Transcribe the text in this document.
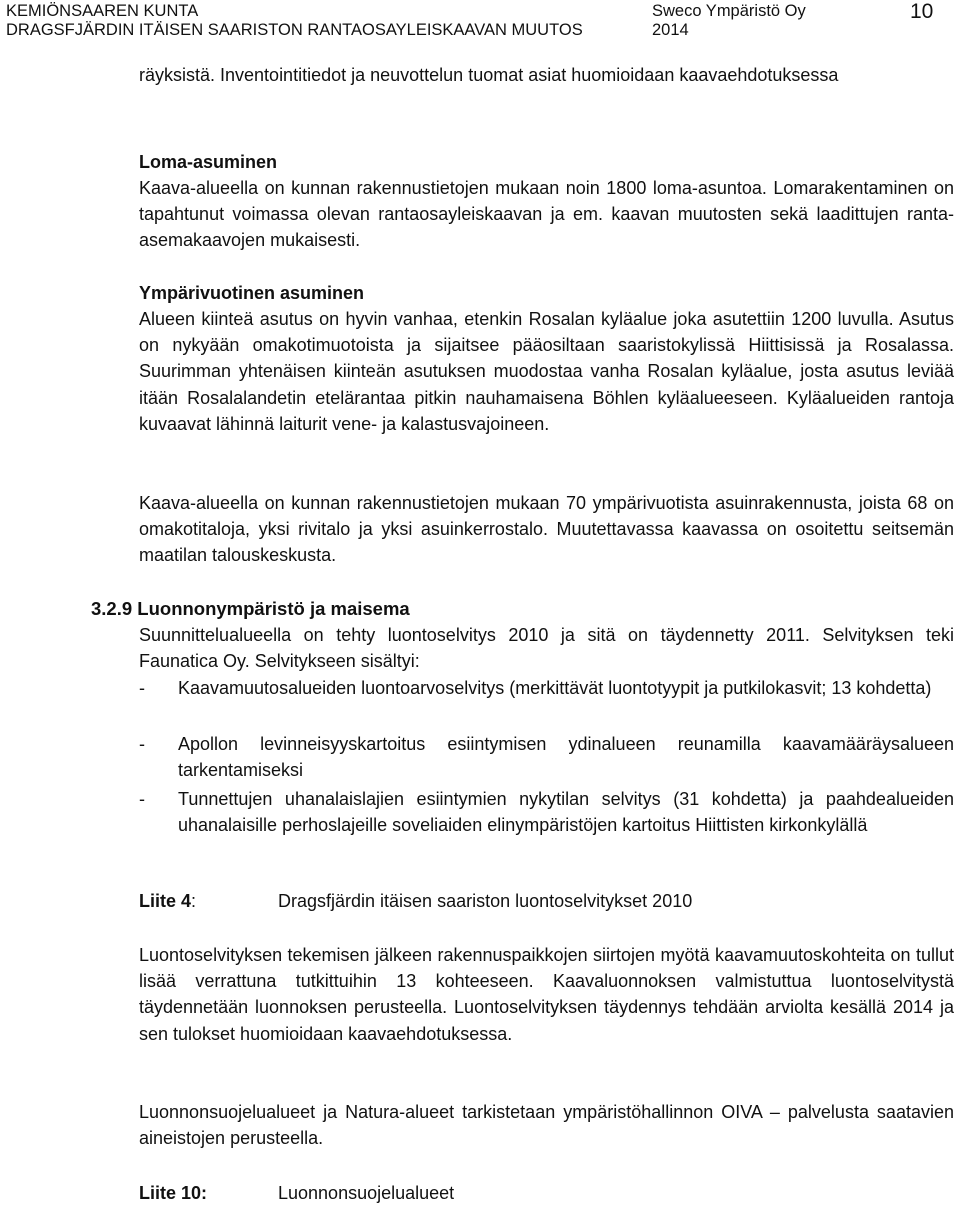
KEMIÖNSAAREN KUNTA
DRAGSFJÄRDIN ITÄISEN SAARISTON RANTAOSAYLEISKAAVAN MUUTOS
Sweco Ympäristö Oy
2014
10
räyksistä. Inventointitiedot ja neuvottelun tuomat asiat huomioidaan kaavaehdotuksessa
Loma-asuminen
Kaava-alueella on kunnan rakennustietojen mukaan noin 1800 loma-asuntoa. Lomarakentaminen on tapahtunut voimassa olevan rantaosayleiskaavan ja em. kaavan muutosten sekä laadittujen ranta-asemakaavojen mukaisesti.
Ympärivuotinen asuminen
Alueen kiinteä asutus on hyvin vanhaa, etenkin Rosalan kyläalue joka asutettiin 1200 luvulla. Asutus on nykyään omakotimuotoista ja sijaitsee pääosiltaan saaristokylissä Hiittisissä ja Rosalassa. Suurimman yhtenäisen kiinteän asutuksen muodostaa vanha Rosalan kyläalue, josta asutus leviää itään Rosalalandetin etelärantaa pitkin nauhamaisena Böhlen kyläalueeseen. Kyläalueiden rantoja kuvaavat lähinnä laiturit vene- ja kalastusvajoineen.
Kaava-alueella on kunnan rakennustietojen mukaan 70 ympärivuotista asuinrakennusta, joista 68 on omakotitaloja, yksi rivitalo ja yksi asuinkerrostalo. Muutettavassa kaavassa on osoitettu seitsemän maatilan talouskeskusta.
3.2.9 Luonnonympäristö ja maisema
Suunnittelualueella on tehty luontoselvitys 2010 ja sitä on täydennetty 2011. Selvityksen teki Faunatica Oy. Selvitykseen sisältyi:
-	Kaavamuutosalueiden luontoarvoselvitys (merkittävät luontotyypit ja putkilokasvit; 13 kohdetta)
-	Apollon levinneisyyskartoitus esiintymisen ydinalueen reunamilla kaavamääräysalueen tarkentamiseksi
-	Tunnettujen uhanalaislajien esiintymien nykytilan selvitys (31 kohdetta) ja paahdealueiden uhanalaisille perhoslajeille soveliaiden elinympäristöjen kartoitus Hiittisten kirkonkylällä
Liite 4:	Dragsfjärdin itäisen saariston luontoselvitykset 2010
Luontoselvityksen tekemisen jälkeen rakennuspaikkojen siirtojen myötä kaavamuutoskohteita on tullut lisää verrattuna tutkittuihin 13 kohteeseen. Kaavaluonnoksen valmistuttua luontoselvitystä täydennetään luonnoksen perusteella. Luontoselvityksen täydennys tehdään arviolta kesällä 2014 ja sen tulokset huomioidaan kaavaehdotuksessa.
Luonnonsuojelualueet ja Natura-alueet tarkistetaan ympäristöhallinnon OIVA – palvelusta saatavien aineistojen perusteella.
Liite 10:	Luonnonsuojelualueet
